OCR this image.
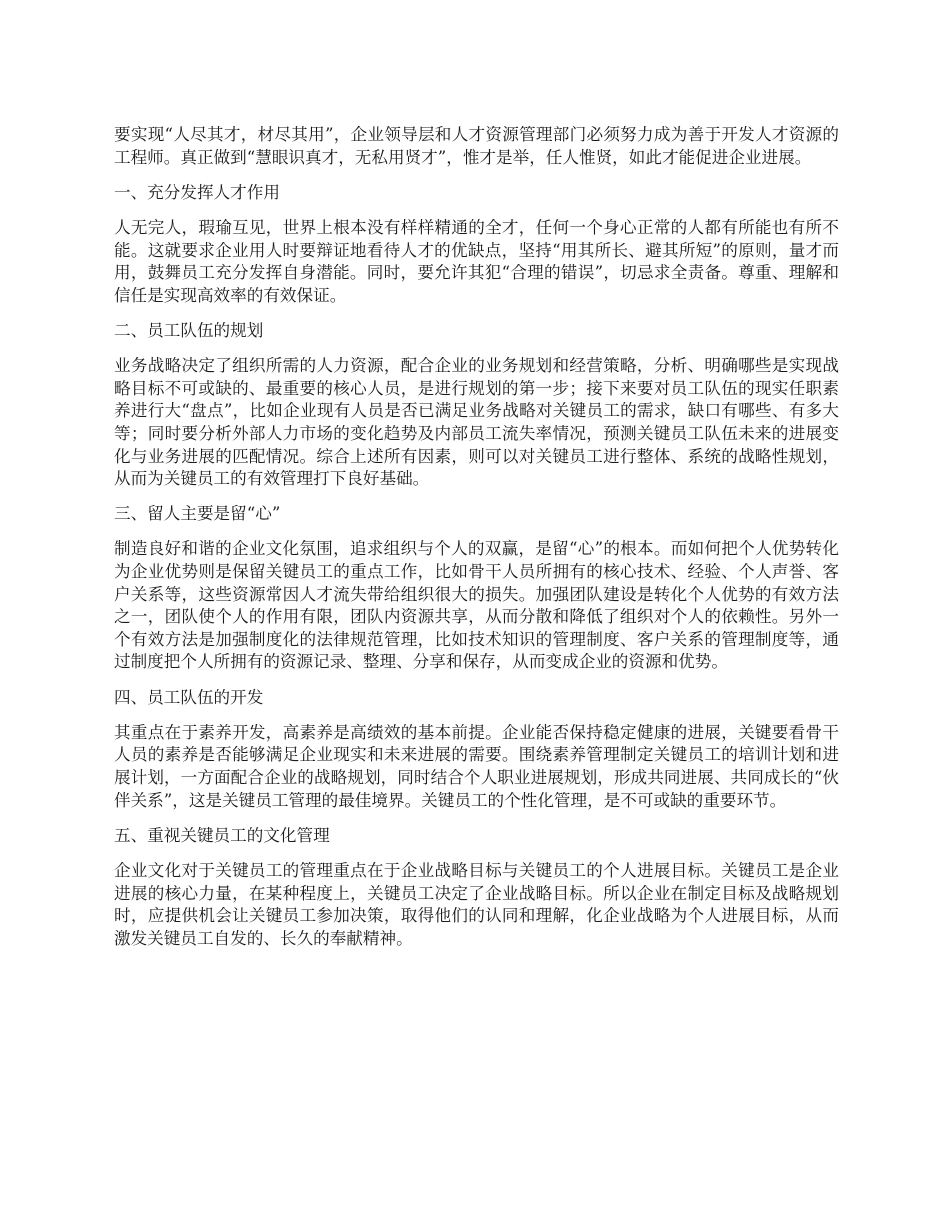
要实现“人尽其才，材尽其用”，企业领导层和人才资源管理部门必须努力成为善于开发人才资源的工程师。真正做到“慧眼识真才，无私用贤才”，惟才是举，任人惟贤，如此才能促进企业进展。

一、充分发挥人才作用

人无完人，瑕瑜互见，世界上根本没有样样精通的全才，任何一个身心正常的人都有所能也有所不能。这就要求企业用人时要辩证地看待人才的优缺点，坚持“用其所长、避其所短”的原则，量才而用，鼓舞员工充分发挥自身潜能。同时，要允许其犯“合理的错误”，切忌求全责备。尊重、理解和信任是实现高效率的有效保证。

二、员工队伍的规划

业务战略决定了组织所需的人力资源，配合企业的业务规划和经营策略，分析、明确哪些是实现战略目标不可或缺的、最重要的核心人员，是进行规划的第一步；接下来要对员工队伍的现实任职素养进行大“盘点”，比如企业现有人员是否已满足业务战略对关键员工的需求，缺口有哪些、有多大等；同时要分析外部人力市场的变化趋势及内部员工流失率情况，预测关键员工队伍未来的进展变化与业务进展的匹配情况。综合上述所有因素，则可以对关键员工进行整体、系统的战略性规划，从而为关键员工的有效管理打下良好基础。

三、留人主要是留“心”

制造良好和谐的企业文化氛围，追求组织与个人的双赢，是留“心”的根本。而如何把个人优势转化为企业优势则是保留关键员工的重点工作，比如骨干人员所拥有的核心技术、经验、个人声誉、客户关系等，这些资源常因人才流失带给组织很大的损失。加强团队建设是转化个人优势的有效方法之一，团队使个人的作用有限，团队内资源共享，从而分散和降低了组织对个人的依赖性。另外一个有效方法是加强制度化的法律规范管理，比如技术知识的管理制度、客户关系的管理制度等，通过制度把个人所拥有的资源记录、整理、分享和保存，从而变成企业的资源和优势。

四、员工队伍的开发

其重点在于素养开发，高素养是高绩效的基本前提。企业能否保持稳定健康的进展，关键要看骨干人员的素养是否能够满足企业现实和未来进展的需要。围绕素养管理制定关键员工的培训计划和进展计划，一方面配合企业的战略规划，同时结合个人职业进展规划，形成共同进展、共同成长的“伙伴关系”，这是关键员工管理的最佳境界。关键员工的个性化管理，是不可或缺的重要环节。

五、重视关键员工的文化管理

企业文化对于关键员工的管理重点在于企业战略目标与关键员工的个人进展目标。关键员工是企业进展的核心力量，在某种程度上，关键员工决定了企业战略目标。所以企业在制定目标及战略规划时，应提供机会让关键员工参加决策，取得他们的认同和理解，化企业战略为个人进展目标，从而激发关键员工自发的、长久的奉献精神。
